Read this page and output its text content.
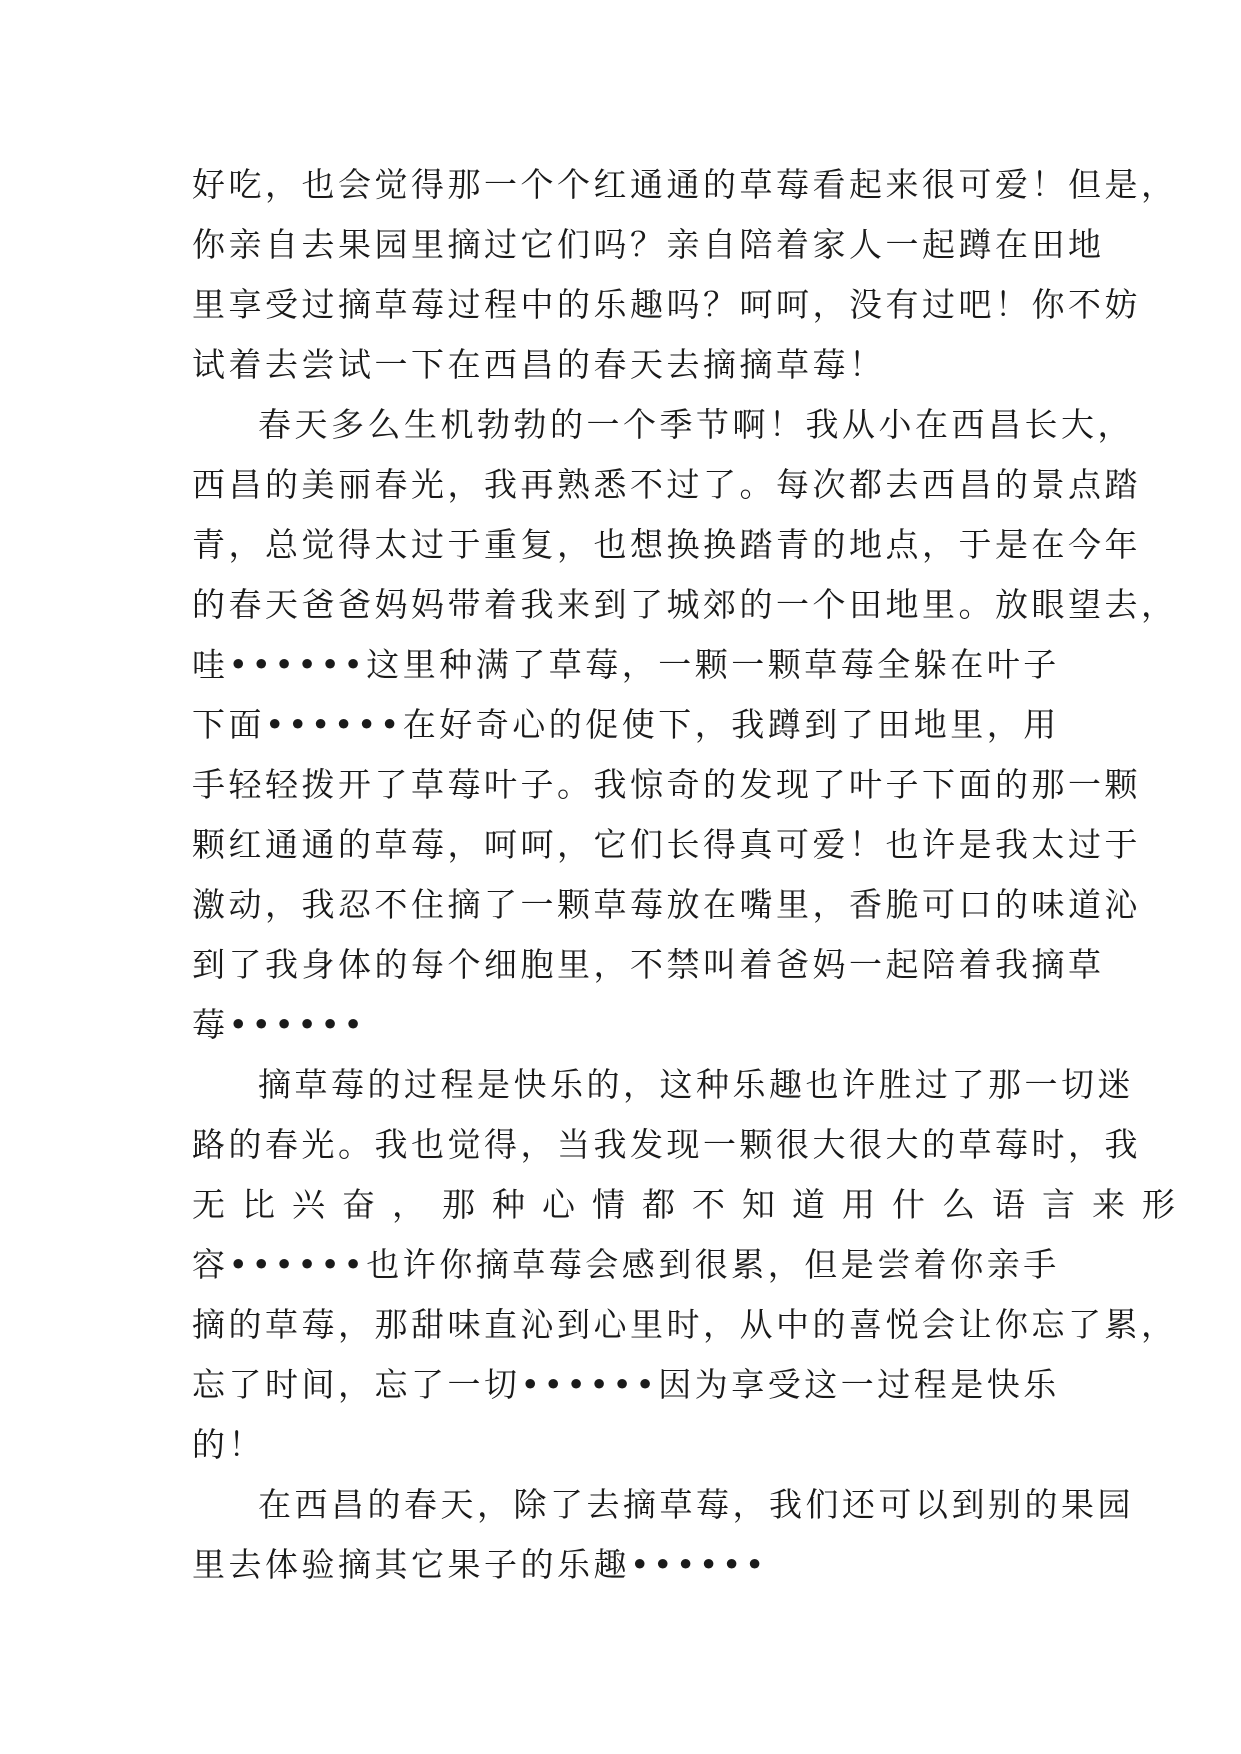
好吃，也会觉得那一个个红通通的草莓看起来很可爱！但是，
你亲自去果园里摘过它们吗？亲自陪着家人一起蹲在田地
里享受过摘草莓过程中的乐趣吗？呵呵，没有过吧！你不妨
试着去尝试一下在西昌的春天去摘摘草莓！
春天多么生机勃勃的一个季节啊！我从小在西昌长大，
西昌的美丽春光，我再熟悉不过了。每次都去西昌的景点踏
青，总觉得太过于重复，也想换换踏青的地点，于是在今年
的春天爸爸妈妈带着我来到了城郊的一个田地里。放眼望去，
哇••••••这里种满了草莓，一颗一颗草莓全躲在叶子
下面••••••在好奇心的促使下，我蹲到了田地里，用
手轻轻拨开了草莓叶子。我惊奇的发现了叶子下面的那一颗
颗红通通的草莓，呵呵，它们长得真可爱！也许是我太过于
激动，我忍不住摘了一颗草莓放在嘴里，香脆可口的味道沁
到了我身体的每个细胞里，不禁叫着爸妈一起陪着我摘草
莓••••••
摘草莓的过程是快乐的，这种乐趣也许胜过了那一切迷
路的春光。我也觉得，当我发现一颗很大很大的草莓时，我
无比兴奋，那种心情都不知道用什么语言来形
容••••••也许你摘草莓会感到很累，但是尝着你亲手
摘的草莓，那甜味直沁到心里时，从中的喜悦会让你忘了累，
忘了时间，忘了一切••••••因为享受这一过程是快乐
的！
在西昌的春天，除了去摘草莓，我们还可以到别的果园
里去体验摘其它果子的乐趣••••••
